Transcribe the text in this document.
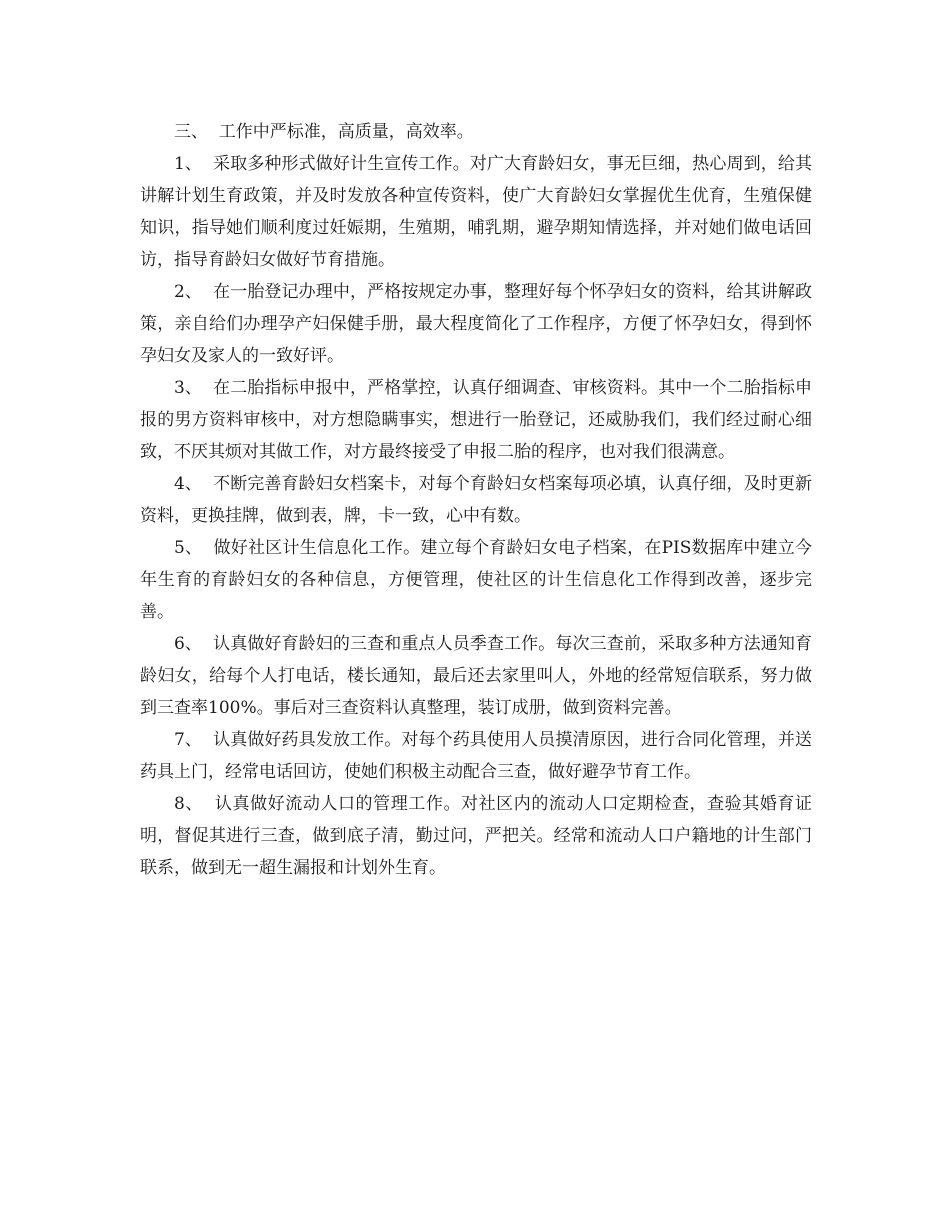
三、  工作中严标准，高质量，高效率。

1、  采取多种形式做好计生宣传工作。对广大育龄妇女，事无巨细，热心周到，给其讲解计划生育政策，并及时发放各种宣传资料，使广大育龄妇女掌握优生优育，生殖保健知识，指导她们顺利度过妊娠期，生殖期，哺乳期，避孕期知情选择，并对她们做电话回访，指导育龄妇女做好节育措施。

2、  在一胎登记办理中，严格按规定办事，整理好每个怀孕妇女的资料，给其讲解政策，亲自给们办理孕产妇保健手册，最大程度简化了工作程序，方便了怀孕妇女，得到怀孕妇女及家人的一致好评。

3、  在二胎指标申报中，严格掌控，认真仔细调查、审核资料。其中一个二胎指标申报的男方资料审核中，对方想隐瞒事实，想进行一胎登记，还威胁我们，我们经过耐心细致，不厌其烦对其做工作，对方最终接受了申报二胎的程序，也对我们很满意。

4、  不断完善育龄妇女档案卡，对每个育龄妇女档案每项必填，认真仔细，及时更新资料，更换挂牌，做到表，牌，卡一致，心中有数。

5、  做好社区计生信息化工作。建立每个育龄妇女电子档案，在PIS数据库中建立今年生育的育龄妇女的各种信息，方便管理，使社区的计生信息化工作得到改善，逐步完善。

6、  认真做好育龄妇的三查和重点人员季查工作。每次三查前，采取多种方法通知育龄妇女，给每个人打电话，楼长通知，最后还去家里叫人，外地的经常短信联系，努力做到三查率100%。事后对三查资料认真整理，装订成册，做到资料完善。

7、  认真做好药具发放工作。对每个药具使用人员摸清原因，进行合同化管理，并送药具上门，经常电话回访，使她们积极主动配合三查，做好避孕节育工作。

8、  认真做好流动人口的管理工作。对社区内的流动人口定期检查，查验其婚育证明，督促其进行三查，做到底子清，勤过问，严把关。经常和流动人口户籍地的计生部门联系，做到无一超生漏报和计划外生育。
